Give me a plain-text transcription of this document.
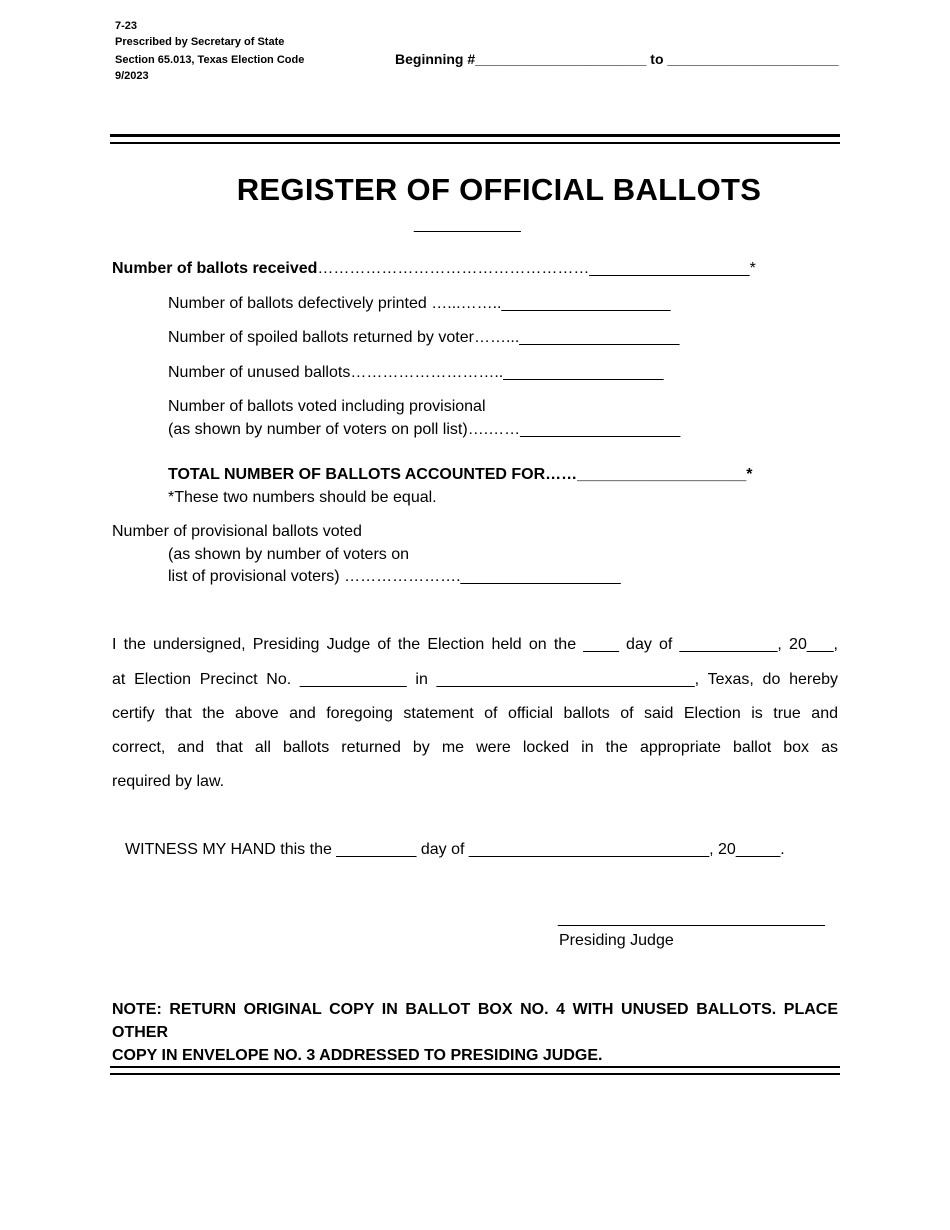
7-23
Prescribed by Secretary of State
Section 65.013, Texas Election Code
9/2023
Beginning #______________________ to ______________________
REGISTER OF OFFICIAL BALLOTS
____________
Number of ballots received……………………………………………__________________*
Number of ballots defectively printed …...……..___________________
Number of spoiled ballots returned by voter……...__________________
Number of unused ballots………………………..__________________
Number of ballots voted including provisional
(as shown by number of voters on poll list)….……__________________
TOTAL NUMBER OF BALLOTS ACCOUNTED FOR……___________________*
*These two numbers should be equal.
Number of provisional ballots voted
(as shown by number of voters on
list of provisional voters) ………………….__________________
I the undersigned, Presiding Judge of the Election held on the ____ day of ___________, 20___,
at Election Precinct No. ____________ in _____________________________, Texas, do hereby
certify that the above and foregoing statement of official ballots of said Election is true and
correct, and that all ballots returned by me were locked in the appropriate ballot box as
required by law.
WITNESS MY HAND this the _________ day of ___________________________, 20_____.
______________________________
Presiding Judge
NOTE: RETURN ORIGINAL COPY IN BALLOT BOX NO. 4 WITH UNUSED BALLOTS. PLACE OTHER
COPY IN ENVELOPE NO. 3 ADDRESSED TO PRESIDING JUDGE.
